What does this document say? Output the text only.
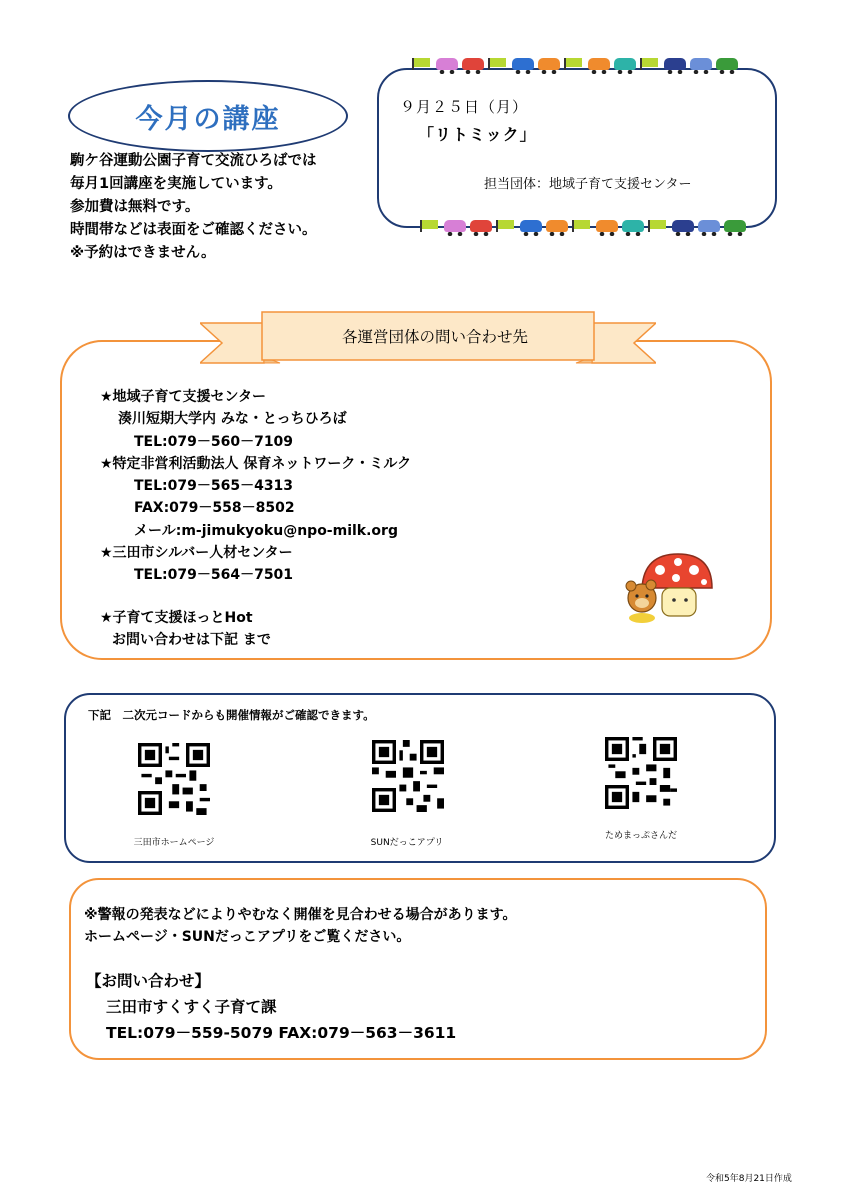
今月の講座
駒ケ谷運動公園子育て交流ひろばでは
毎月1回講座を実施しています。
参加費は無料です。
時間帯などは表面をご確認ください。
※予約はできません。
９月２５日（月）
「リトミック」
担当団体：地域子育て支援センター
各運営団体の問い合わせ先
★地域子育て支援センター
湊川短期大学内 みな・とっちひろば
TEL:079－560－7109
★特定非営利活動法人 保育ネットワーク・ミルク
TEL:079－565－4313
FAX:079－558－8502
メール:m-jimukyoku@npo-milk.org
★三田市シルバー人材センター
TEL:079－564－7501
★子育て支援ほっとHot
お問い合わせは下記 まで
下記　二次元コードからも開催情報がご確認できます。
三田市ホームページ	SUNだっこアプリ
ためまっぷさんだ
※警報の発表などによりやむなく開催を見合わせる場合があります。
ホームページ・SUNだっこアプリをご覧ください。
【お問い合わせ】
三田市すくすく子育て課
TEL:079－559-5079 FAX:079－563－3611
令和5年8月21日作成
